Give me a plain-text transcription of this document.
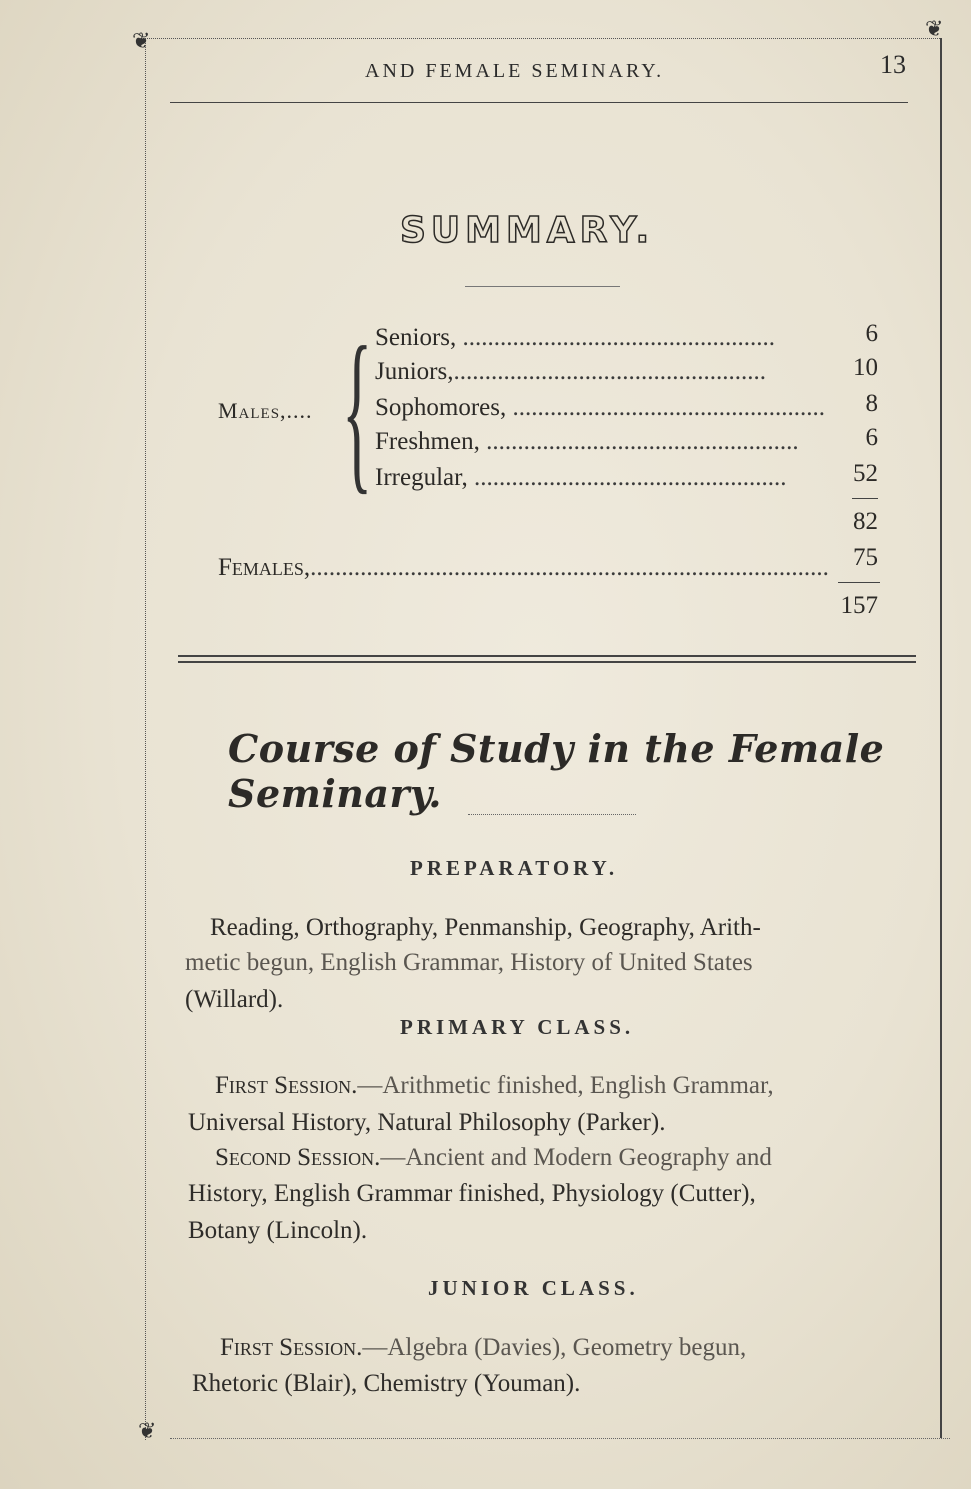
❦	❦
❦
AND FEMALE SEMINARY.	13
SUMMARY.
Males,.... { Seniors, ..................................................	6
Juniors,..................................................	10
Sophomores, ..................................................	8
Freshmen, ..................................................	6
Irregular, ..................................................	52
82
Females,................................................................................... 75
157
Course of Study in the Female Seminary.
PREPARATORY.
Reading, Orthography, Penmanship, Geography, Arith-
metic begun, English Grammar, History of United States
(Willard).
PRIMARY CLASS.
First Session.—Arithmetic finished, English Grammar,
Universal History, Natural Philosophy (Parker).
Second Session.—Ancient and Modern Geography and
History, English Grammar finished, Physiology (Cutter),
Botany (Lincoln).
JUNIOR CLASS.
First Session.—Algebra (Davies), Geometry begun,
Rhetoric (Blair), Chemistry (Youman).
